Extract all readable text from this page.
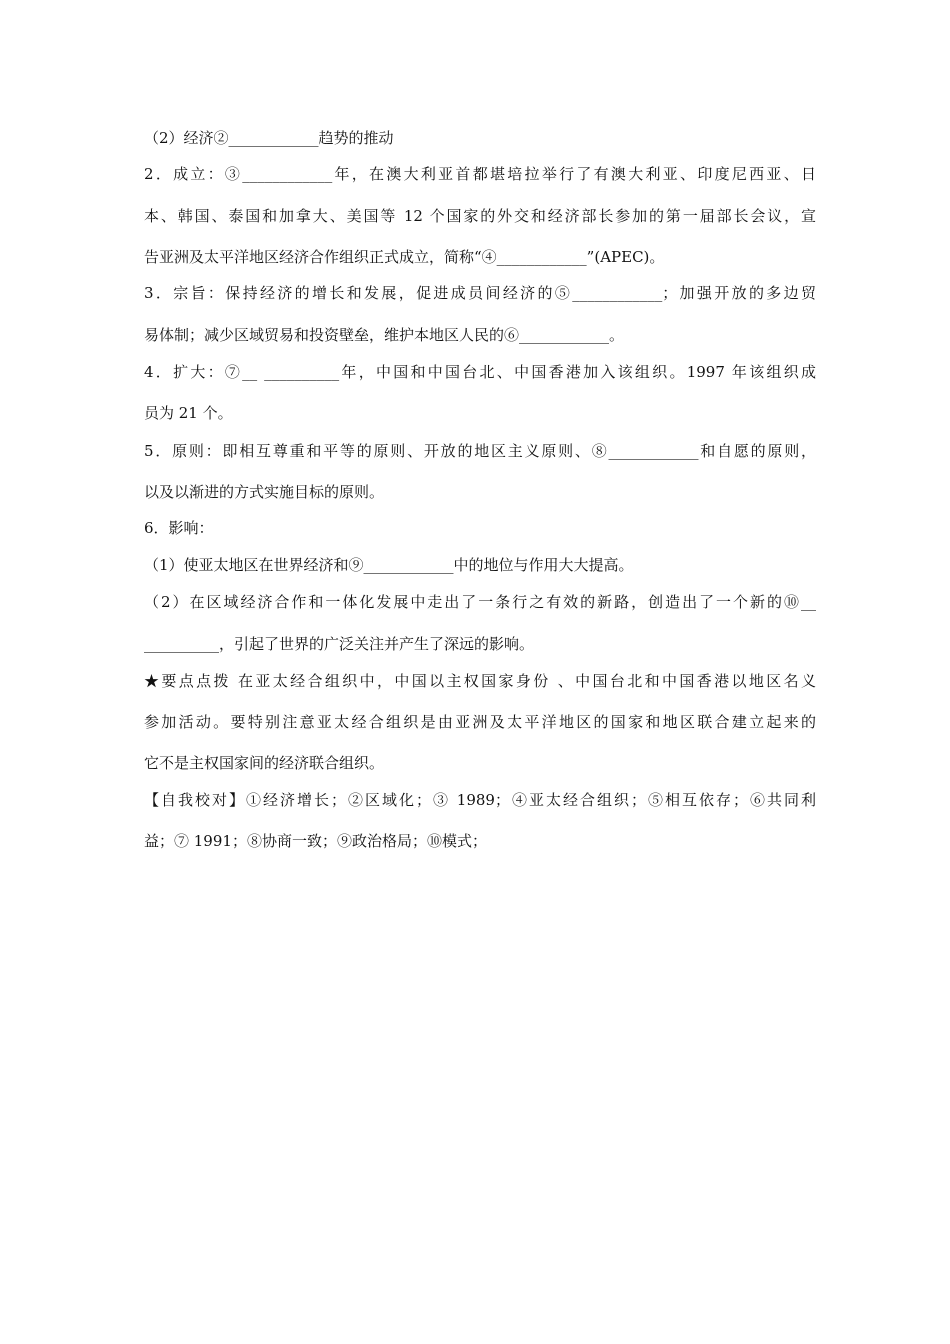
（2）经济②____________趋势的推动
2．成立：③____________年，在澳大利亚首都堪培拉举行了有澳大利亚、印度尼西亚、日
本、韩国、泰国和加拿大、美国等 12 个国家的外交和经济部长参加的第一届部长会议，宣
告亚洲及太平洋地区经济合作组织正式成立，简称“④____________”(APEC)。
3．宗旨：保持经济的增长和发展，促进成员间经济的⑤____________；加强开放的多边贸
易体制；减少区域贸易和投资壁垒，维护本地区人民的⑥____________。
4．扩大：⑦__ __________年，中国和中国台北、中国香港加入该组织。1997 年该组织成
员为 21 个。
5．原则：即相互尊重和平等的原则、开放的地区主义原则、⑧____________和自愿的原则，
以及以渐进的方式实施目标的原则。
6．影响：
（1）使亚太地区在世界经济和⑨____________中的地位与作用大大提高。
（2）在区域经济合作和一体化发展中走出了一条行之有效的新路，创造出了一个新的⑩__
__________，引起了世界的广泛关注并产生了深远的影响。
★要点点拨 在亚太经合组织中，中国以主权国家身份 、中国台北和中国香港以地区名义
参加活动。要特别注意亚太经合组织是由亚洲及太平洋地区的国家和地区联合建立起来的
它不是主权国家间的经济联合组织。
【自我校对】①经济增长；②区域化；③ 1989；④亚太经合组织；⑤相互依存；⑥共同利
益；⑦ 1991；⑧协商一致；⑨政治格局；⑩模式；
